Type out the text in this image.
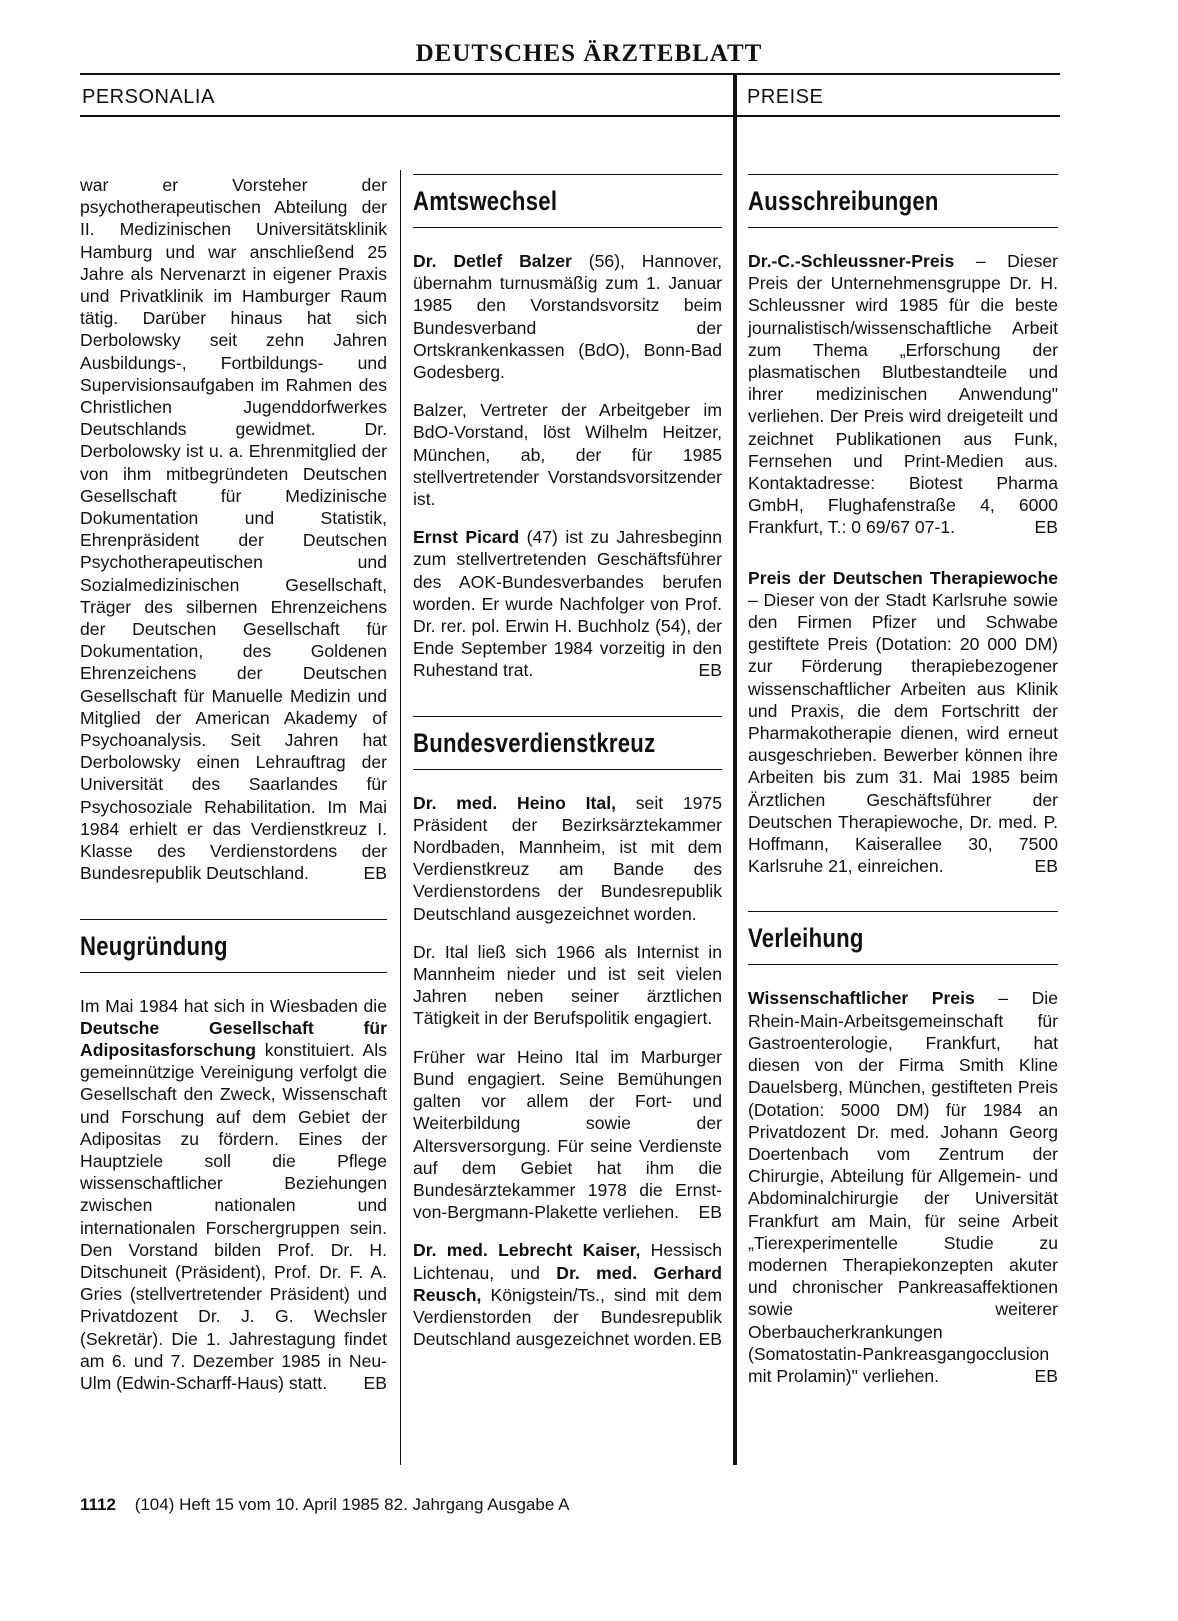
DEUTSCHES ÄRZTEBLATT
PERSONALIA	PREISE

war er Vorsteher der psychotherapeutischen Abteilung der II. Medizinischen Universitätsklinik Hamburg und war anschließend 25 Jahre als Nervenarzt in eigener Praxis und Privatklinik im Hamburger Raum tätig. Darüber hinaus hat sich Derbolowsky seit zehn Jahren Ausbildungs-, Fortbildungs- und Supervisionsaufgaben im Rahmen des Christlichen Jugenddorfwerkes Deutschlands gewidmet. Dr. Derbolowsky ist u. a. Ehrenmitglied der von ihm mitbegründeten Deutschen Gesellschaft für Medizinische Dokumentation und Statistik, Ehrenpräsident der Deutschen Psychotherapeutischen und Sozialmedizinischen Gesellschaft, Träger des silbernen Ehrenzeichens der Deutschen Gesellschaft für Dokumentation, des Goldenen Ehrenzeichens der Deutschen Gesellschaft für Manuelle Medizin und Mitglied der American Akademy of Psychoanalysis. Seit Jahren hat Derbolowsky einen Lehrauftrag der Universität des Saarlandes für Psychosoziale Rehabilitation. Im Mai 1984 erhielt er das Verdienstkreuz I. Klasse des Verdienstordens der Bundesrepublik Deutschland.	EB

Neugründung

Im Mai 1984 hat sich in Wiesbaden die Deutsche Gesellschaft für Adipositasforschung konstituiert. Als gemeinnützige Vereinigung verfolgt die Gesellschaft den Zweck, Wissenschaft und Forschung auf dem Gebiet der Adipositas zu fördern. Eines der Hauptziele soll die Pflege wissenschaftlicher Beziehungen zwischen nationalen und internationalen Forschergruppen sein. Den Vorstand bilden Prof. Dr. H. Ditschuneit (Präsident), Prof. Dr. F. A. Gries (stellvertretender Präsident) und Privatdozent Dr. J. G. Wechsler (Sekretär). Die 1. Jahrestagung findet am 6. und 7. Dezember 1985 in Neu-Ulm (Edwin-Scharff-Haus) statt. EB

Amtswechsel

Dr. Detlef Balzer (56), Hannover, übernahm turnusmäßig zum 1. Januar 1985 den Vorstandsvorsitz beim Bundesverband der Ortskrankenkassen (BdO), Bonn-Bad Godesberg.

Balzer, Vertreter der Arbeitgeber im BdO-Vorstand, löst Wilhelm Heitzer, München, ab, der für 1985 stellvertretender Vorstandsvorsitzender ist.

Ernst Picard (47) ist zu Jahresbeginn zum stellvertretenden Geschäftsführer des AOK-Bundesverbandes berufen worden. Er wurde Nachfolger von Prof. Dr. rer. pol. Erwin H. Buchholz (54), der Ende September 1984 vorzeitig in den Ruhestand trat.	EB

Bundesverdienstkreuz

Dr. med. Heino Ital, seit 1975 Präsident der Bezirksärztekammer Nordbaden, Mannheim, ist mit dem Verdienstkreuz am Bande des Verdienstordens der Bundesrepublik Deutschland ausgezeichnet worden.

Dr. Ital ließ sich 1966 als Internist in Mannheim nieder und ist seit vielen Jahren neben seiner ärztlichen Tätigkeit in der Berufspolitik engagiert.

Früher war Heino Ital im Marburger Bund engagiert. Seine Bemühungen galten vor allem der Fort- und Weiterbildung sowie der Altersversorgung. Für seine Verdienste auf dem Gebiet hat ihm die Bundesärztekammer 1978 die Ernst-von-Bergmann-Plakette verliehen. EB

Dr. med. Lebrecht Kaiser, Hessisch Lichtenau, und Dr. med. Gerhard Reusch, Königstein/Ts., sind mit dem Verdienstorden der Bundesrepublik Deutschland ausgezeichnet worden. EB

Ausschreibungen

Dr.-C.-Schleussner-Preis – Dieser Preis der Unternehmensgruppe Dr. H. Schleussner wird 1985 für die beste journalistisch/wissenschaftliche Arbeit zum Thema „Erforschung der plasmatischen Blutbestandteile und ihrer medizinischen Anwendung" verliehen. Der Preis wird dreigeteilt und zeichnet Publikationen aus Funk, Fernsehen und Print-Medien aus. Kontaktadresse: Biotest Pharma GmbH, Flughafenstraße 4, 6000 Frankfurt, T.: 0 69/67 07-1.	EB

Preis der Deutschen Therapiewoche – Dieser von der Stadt Karlsruhe sowie den Firmen Pfizer und Schwabe gestiftete Preis (Dotation: 20 000 DM) zur Förderung therapiebezogener wissenschaftlicher Arbeiten aus Klinik und Praxis, die dem Fortschritt der Pharmakotherapie dienen, wird erneut ausgeschrieben. Bewerber können ihre Arbeiten bis zum 31. Mai 1985 beim Ärztlichen Geschäftsführer der Deutschen Therapiewoche, Dr. med. P. Hoffmann, Kaiserallee 30, 7500 Karlsruhe 21, einreichen.	EB

Verleihung

Wissenschaftlicher Preis – Die Rhein-Main-Arbeitsgemeinschaft für Gastroenterologie, Frankfurt, hat diesen von der Firma Smith Kline Dauelsberg, München, gestifteten Preis (Dotation: 5000 DM) für 1984 an Privatdozent Dr. med. Johann Georg Doertenbach vom Zentrum der Chirurgie, Abteilung für Allgemein- und Abdominalchirurgie der Universität Frankfurt am Main, für seine Arbeit „Tierexperimentelle Studie zu modernen Therapiekonzepten akuter und chronischer Pankreasaffektionen sowie weiterer Oberbaucherkrankungen (Somatostatin-Pankreasgangocclusion mit Prolamin)" verliehen.	EB

1112 (104) Heft 15 vom 10. April 1985 82. Jahrgang Ausgabe A
